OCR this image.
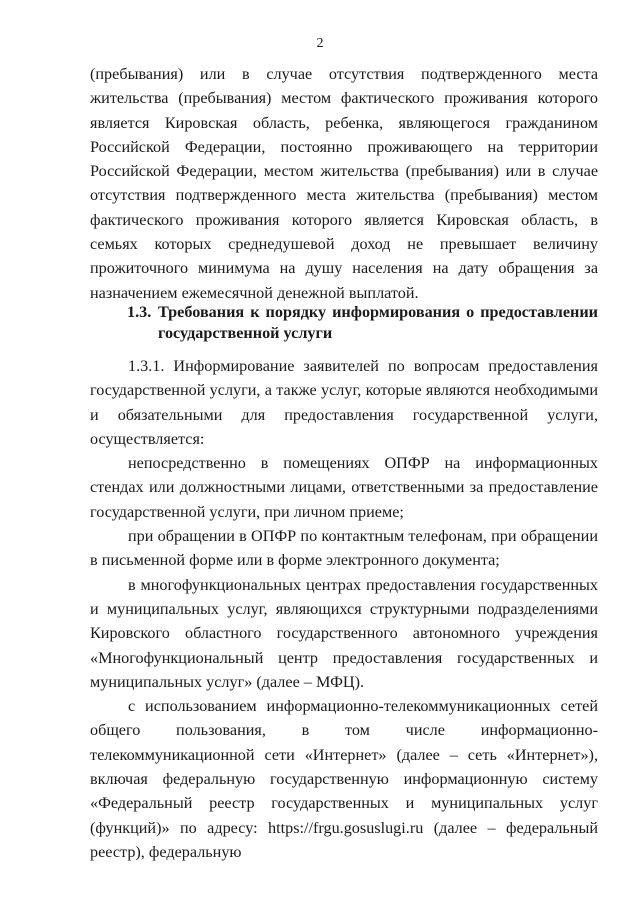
2

(пребывания) или в случае отсутствия подтвержденного места жительства (пребывания) местом фактического проживания которого является Кировская область, ребенка, являющегося гражданином Российской Федерации, постоянно проживающего на территории Российской Федерации, местом жительства (пребывания) или в случае отсутствия подтвержденного места жительства (пребывания) местом фактического проживания которого является Кировская область, в семьях которых среднедушевой доход не превышает величину прожиточного минимума на душу населения на дату обращения за назначением ежемесячной денежной выплатой.

1.3. Требования к порядку информирования о предоставлении государственной услуги

1.3.1. Информирование заявителей по вопросам предоставления государственной услуги, а также услуг, которые являются необходимыми и обязательными для предоставления государственной услуги, осуществляется:

непосредственно в помещениях ОПФР на информационных стендах или должностными лицами, ответственными за предоставление государственной услуги, при личном приеме;

при обращении в ОПФР по контактным телефонам, при обращении в письменной форме или в форме электронного документа;

в многофункциональных центрах предоставления государственных и муниципальных услуг, являющихся структурными подразделениями Кировского областного государственного автономного учреждения «Многофункциональный центр предоставления государственных и муниципальных услуг» (далее – МФЦ).

с использованием информационно-телекоммуникационных сетей общего пользования, в том числе информационно-телекоммуникационной сети «Интернет» (далее – сеть «Интернет»), включая федеральную государственную информационную систему «Федеральный реестр государственных и муниципальных услуг (функций)» по адресу: https://frgu.gosuslugi.ru (далее – федеральный реестр), федеральную
